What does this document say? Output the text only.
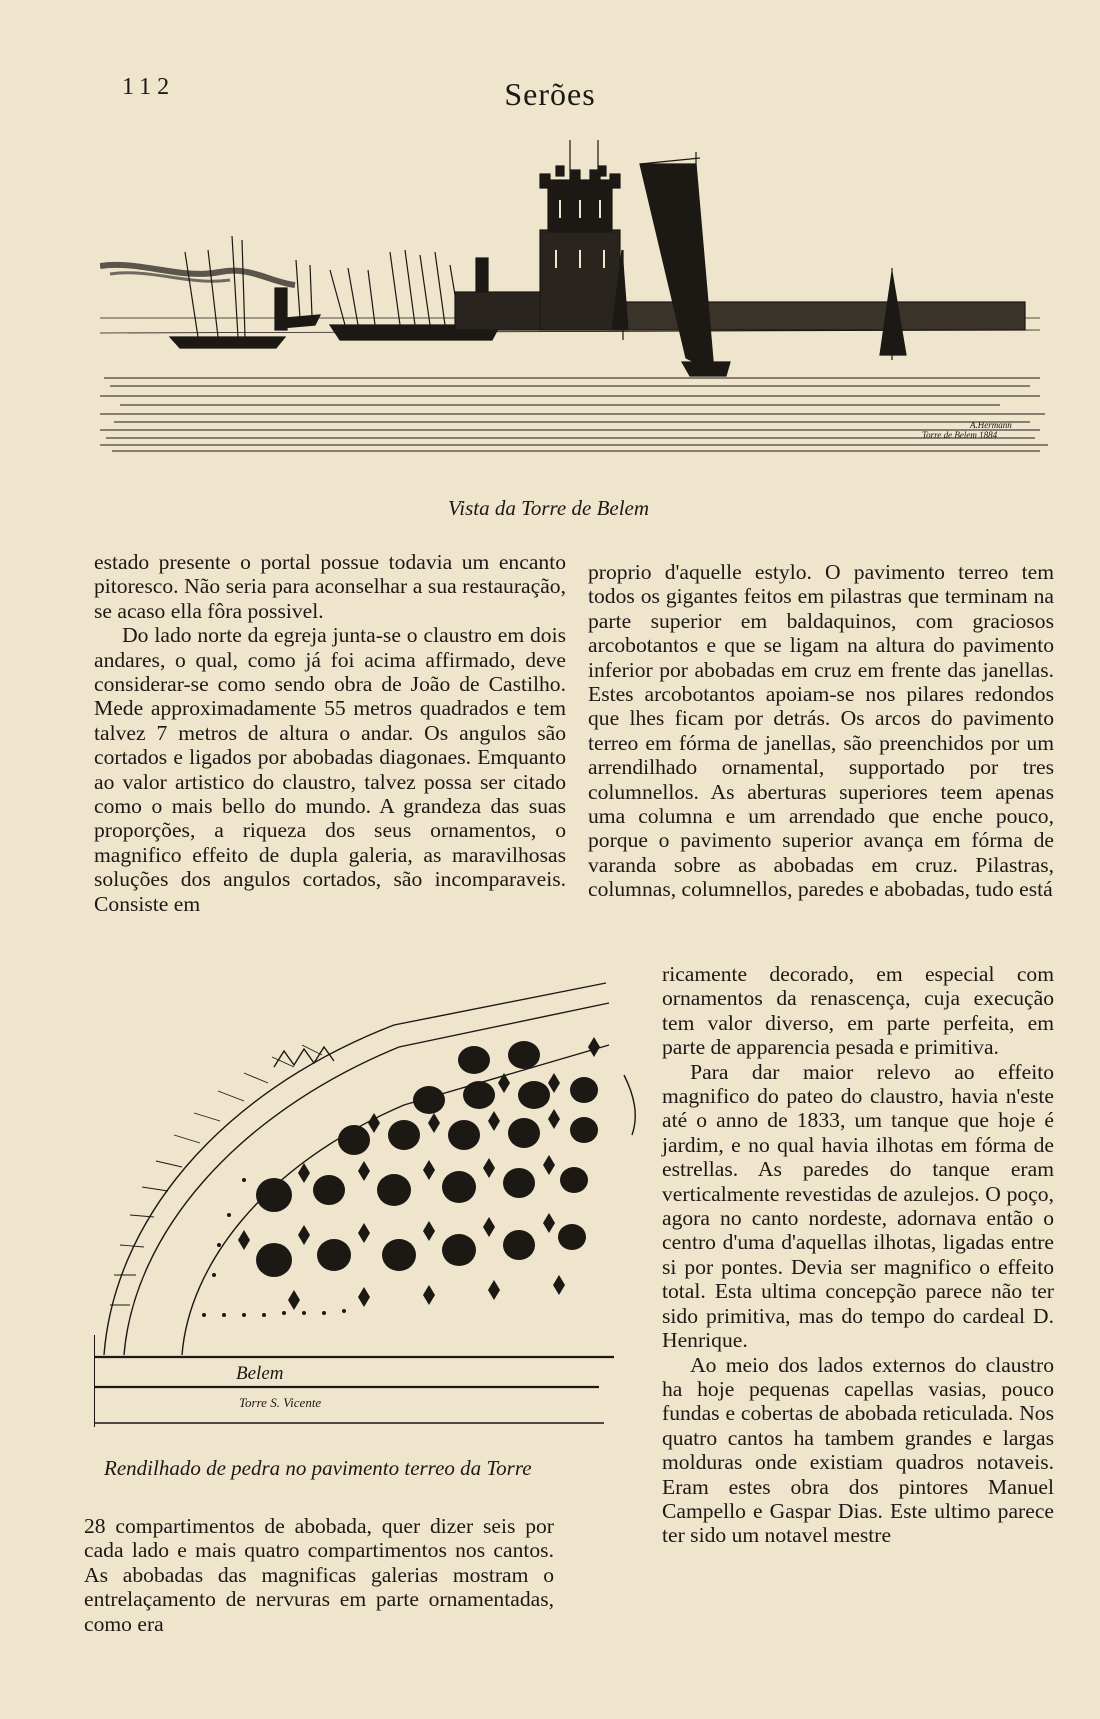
112	Serões
A.Hermann
Torre de Belem 1884
Vista da Torre de Belem

estado presente o portal possue todavia um encanto pitoresco. Não seria para aconselhar a sua restauração, se acaso ella fôra possivel.

Do lado norte da egreja junta-se o claustro em dois andares, o qual, como já foi acima affirmado, deve considerar-se como sendo obra de João de Castilho. Mede approximadamente 55 metros quadrados e tem talvez 7 metros de altura o andar. Os angulos são cortados e ligados por abobadas diagonaes. Emquanto ao valor artistico do claustro, talvez possa ser citado como o mais bello do mundo. A grandeza das suas proporções, a riqueza dos seus ornamentos, o magnifico effeito de dupla galeria, as maravilhosas soluções dos angulos cortados, são incomparaveis. Consiste em

proprio d'aquelle estylo. O pavimento terreo tem todos os gigantes feitos em pilastras que terminam na parte superior em baldaquinos, com graciosos arcobotantos e que se ligam na altura do pavimento inferior por abobadas em cruz em frente das janellas. Estes arcobotantos apoiam-se nos pilares redondos que lhes ficam por detrás. Os arcos do pavimento terreo em fórma de janellas, são preenchidos por um arrendilhado ornamental, supportado por tres columnellos. As aberturas superiores teem apenas uma columna e um arrendado que enche pouco, porque o pavimento superior avança em fórma de varanda sobre as abobadas em cruz. Pilastras, columnas, columnellos, paredes e abobadas, tudo está

ricamente decorado, em especial com ornamentos da renascença, cuja execução tem valor diverso, em parte perfeita, em parte de apparencia pesada e primitiva.

Para dar maior relevo ao effeito magnifico do pateo do claustro, havia n'este até o anno de 1833, um tanque que hoje é jardim, e no qual havia ilhotas em fórma de estrellas. As paredes do tanque eram verticalmente revestidas de azulejos. O poço, agora no canto nordeste, adornava então o centro d'uma d'aquellas ilhotas, ligadas entre si por pontes. Devia ser magnifico o effeito total. Esta ultima concepção parece não ter sido primitiva, mas do tempo do cardeal D. Henrique.

Ao meio dos lados externos do claustro ha hoje pequenas capellas vasias, pouco fundas e cobertas de abobada reticulada. Nos quatro cantos ha tambem grandes e largas molduras onde existiam quadros notaveis. Eram estes obra dos pintores Manuel Campello e Gaspar Dias. Este ultimo parece ter sido um notavel mestre

Belem
Torre S. Vicente
Rendilhado de pedra no pavimento terreo da Torre

28 compartimentos de abobada, quer dizer seis por cada lado e mais quatro compartimentos nos cantos. As abobadas das magnificas galerias mostram o entrelaçamento de nervuras em parte ornamentadas, como era
